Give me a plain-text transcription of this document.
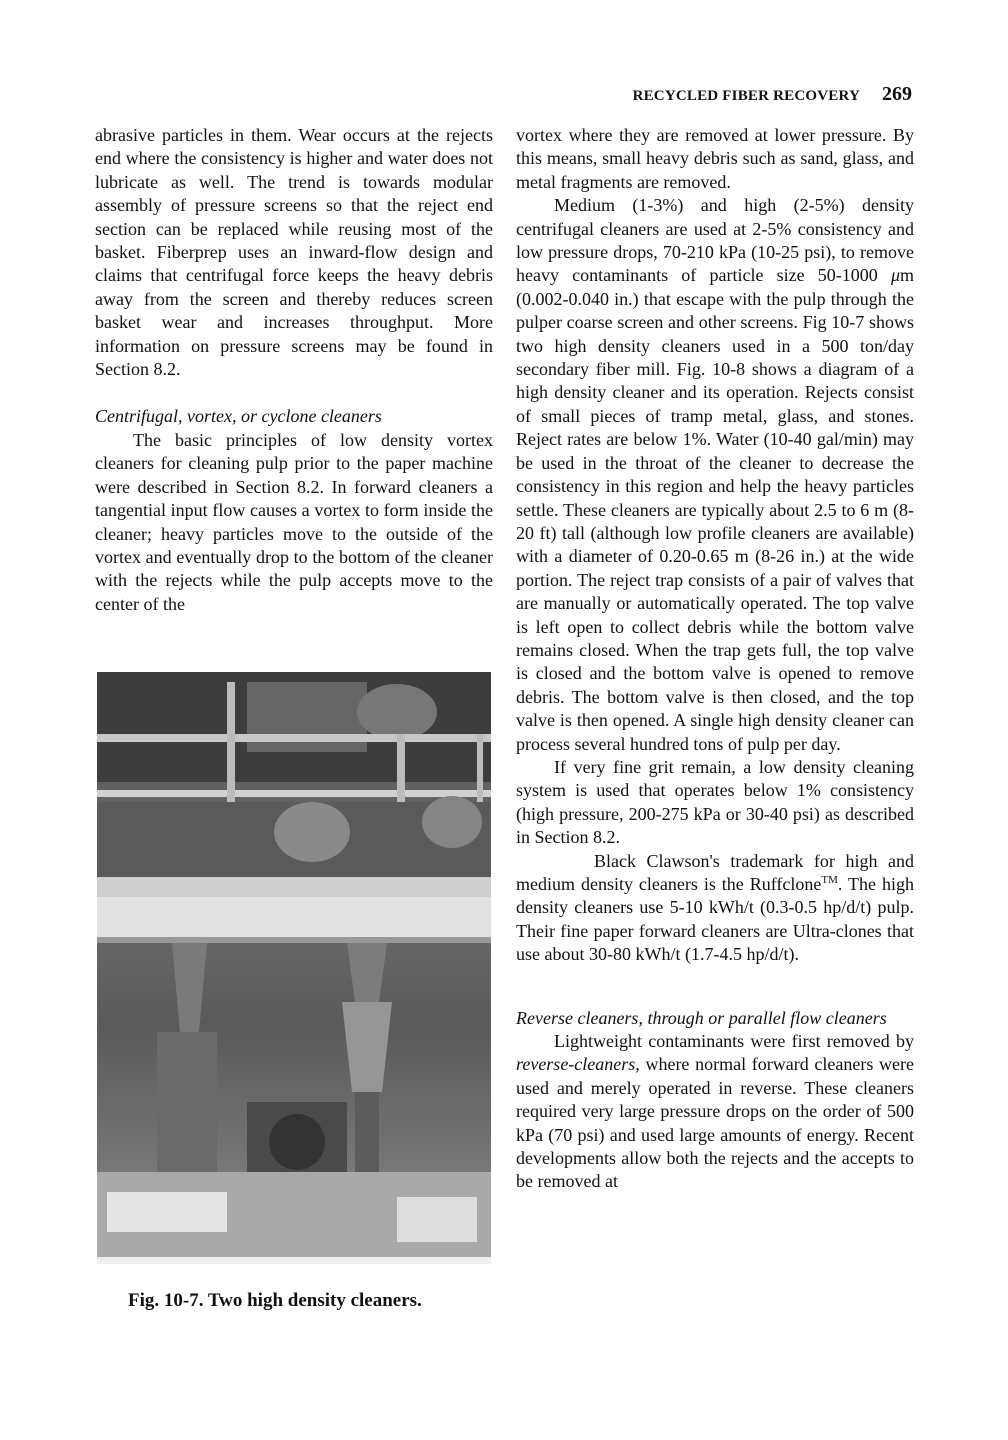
RECYCLED FIBER RECOVERY 269

abrasive particles in them. Wear occurs at the rejects end where the consistency is higher and water does not lubricate as well. The trend is towards modular assembly of pressure screens so that the reject end section can be replaced while reusing most of the basket. Fiberprep uses an inward-flow design and claims that centrifugal force keeps the heavy debris away from the screen and thereby reduces screen basket wear and increases throughput. More information on pressure screens may be found in Section 8.2.

Centrifugal, vortex, or cyclone cleaners

The basic principles of low density vortex cleaners for cleaning pulp prior to the paper machine were described in Section 8.2. In forward cleaners a tangential input flow causes a vortex to form inside the cleaner; heavy particles move to the outside of the vortex and eventually drop to the bottom of the cleaner with the rejects while the pulp accepts move to the center of the

Fig. 10-7. Two high density cleaners.

vortex where they are removed at lower pressure. By this means, small heavy debris such as sand, glass, and metal fragments are removed.

Medium (1-3%) and high (2-5%) density centrifugal cleaners are used at 2-5% consistency and low pressure drops, 70-210 kPa (10-25 psi), to remove heavy contaminants of particle size 50-1000 μm (0.002-0.040 in.) that escape with the pulp through the pulper coarse screen and other screens. Fig 10-7 shows two high density cleaners used in a 500 ton/day secondary fiber mill. Fig. 10-8 shows a diagram of a high density cleaner and its operation. Rejects consist of small pieces of tramp metal, glass, and stones. Reject rates are below 1%. Water (10-40 gal/min) may be used in the throat of the cleaner to decrease the consistency in this region and help the heavy particles settle. These cleaners are typically about 2.5 to 6 m (8-20 ft) tall (although low profile cleaners are available) with a diameter of 0.20-0.65 m (8-26 in.) at the wide portion. The reject trap consists of a pair of valves that are manually or automatically operated. The top valve is left open to collect debris while the bottom valve remains closed. When the trap gets full, the top valve is closed and the bottom valve is opened to remove debris. The bottom valve is then closed, and the top valve is then opened. A single high density cleaner can process several hundred tons of pulp per day.

If very fine grit remain, a low density cleaning system is used that operates below 1% consistency (high pressure, 200-275 kPa or 30-40 psi) as described in Section 8.2.

Black Clawson's trademark for high and medium density cleaners is the Ruffclone™. The high density cleaners use 5-10 kWh/t (0.3-0.5 hp/d/t) pulp. Their fine paper forward cleaners are Ultra-clones that use about 30-80 kWh/t (1.7-4.5 hp/d/t).

Reverse cleaners, through or parallel flow cleaners

Lightweight contaminants were first removed by reverse-cleaners, where normal forward cleaners were used and merely operated in reverse. These cleaners required very large pressure drops on the order of 500 kPa (70 psi) and used large amounts of energy. Recent developments allow both the rejects and the accepts to be removed at
